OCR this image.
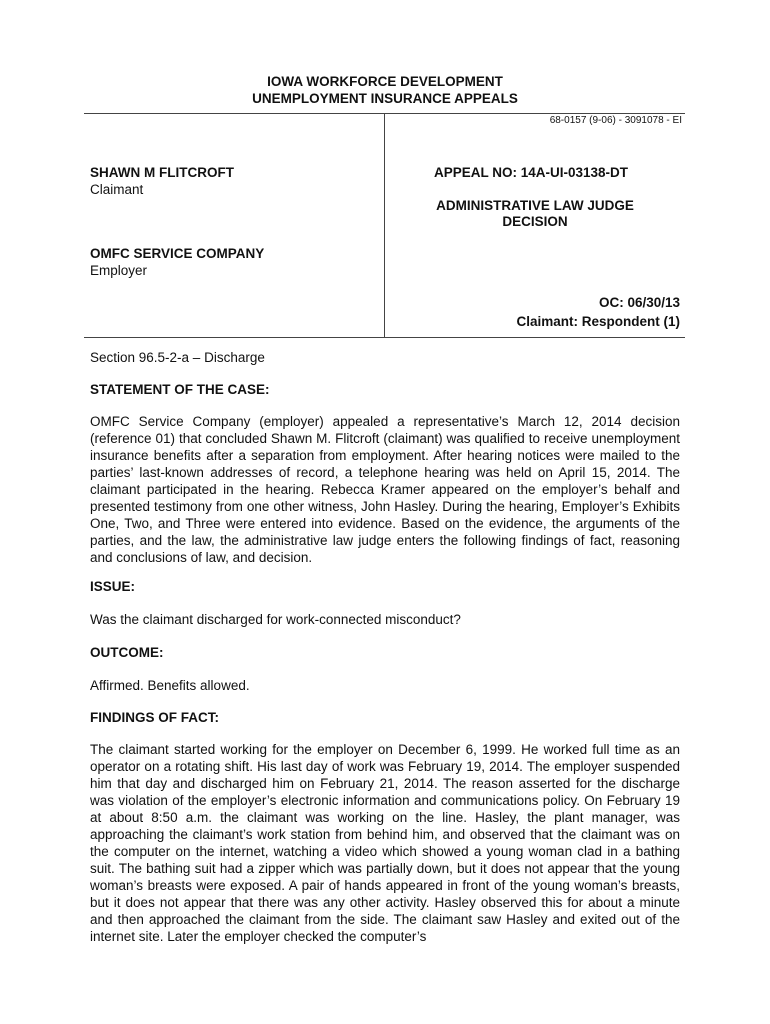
IOWA WORKFORCE DEVELOPMENT
UNEMPLOYMENT INSURANCE APPEALS
68-0157 (9-06) - 3091078 - EI
SHAWN M FLITCROFT
Claimant
OMFC SERVICE COMPANY
Employer
APPEAL NO: 14A-UI-03138-DT
ADMINISTRATIVE LAW JUDGE
DECISION
OC: 06/30/13
Claimant: Respondent (1)
Section 96.5-2-a – Discharge
STATEMENT OF THE CASE:

OMFC Service Company (employer) appealed a representative’s March 12, 2014 decision (reference 01) that concluded Shawn M. Flitcroft (claimant) was qualified to receive unemployment insurance benefits after a separation from employment. After hearing notices were mailed to the parties’ last-known addresses of record, a telephone hearing was held on April 15, 2014. The claimant participated in the hearing. Rebecca Kramer appeared on the employer’s behalf and presented testimony from one other witness, John Hasley. During the hearing, Employer’s Exhibits One, Two, and Three were entered into evidence. Based on the evidence, the arguments of the parties, and the law, the administrative law judge enters the following findings of fact, reasoning and conclusions of law, and decision.

ISSUE:
Was the claimant discharged for work-connected misconduct?
OUTCOME:
Affirmed. Benefits allowed.
FINDINGS OF FACT:

The claimant started working for the employer on December 6, 1999. He worked full time as an operator on a rotating shift. His last day of work was February 19, 2014. The employer suspended him that day and discharged him on February 21, 2014. The reason asserted for the discharge was violation of the employer’s electronic information and communications policy. On February 19 at about 8:50 a.m. the claimant was working on the line. Hasley, the plant manager, was approaching the claimant’s work station from behind him, and observed that the claimant was on the computer on the internet, watching a video which showed a young woman clad in a bathing suit. The bathing suit had a zipper which was partially down, but it does not appear that the young woman’s breasts were exposed. A pair of hands appeared in front of the young woman’s breasts, but it does not appear that there was any other activity. Hasley observed this for about a minute and then approached the claimant from the side. The claimant saw Hasley and exited out of the internet site. Later the employer checked the computer’s
